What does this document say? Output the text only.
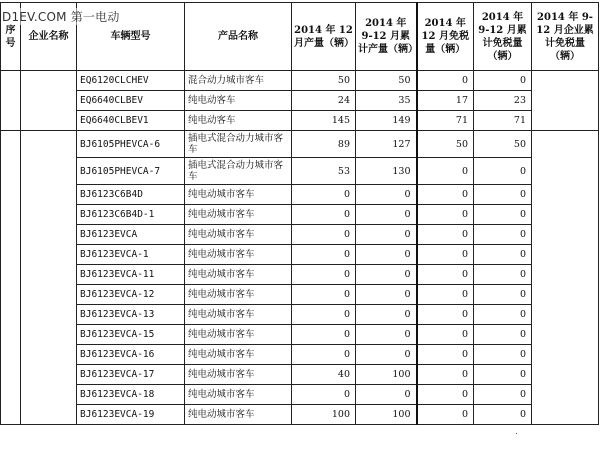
序号	企业名称	车辆型号	产品名称	2014 年 12 月产量（辆）	2014 年 9-12 月累计产量（辆）	2014 年 12 月免税量（辆）	2014 年 9-12 月累计免税量（辆）	2014 年 9-12 月企业累计免税量（辆）
		EQ6120CLCHEV	混合动力城市客车	50	50	0	0	
		EQ6640CLBEV	纯电动客车	24	35	17	23	
		EQ6640CLBEV1	纯电动客车	145	149	71	71	
		BJ6105PHEVCA-6	插电式混合动力城市客车	89	127	50	50	
		BJ6105PHEVCA-7	插电式混合动力城市客车	53	130	0	0	
		BJ6123C6B4D	纯电动城市客车	0	0	0	0	
		BJ6123C6B4D-1	纯电动城市客车	0	0	0	0	
		BJ6123EVCA	纯电动城市客车	0	0	0	0	
		BJ6123EVCA-1	纯电动城市客车	0	0	0	0	
		BJ6123EVCA-11	纯电动城市客车	0	0	0	0	
		BJ6123EVCA-12	纯电动城市客车	0	0	0	0	
		BJ6123EVCA-13	纯电动城市客车	0	0	0	0	
		BJ6123EVCA-15	纯电动城市客车	0	0	0	0	
		BJ6123EVCA-16	纯电动城市客车	0	0	0	0	
		BJ6123EVCA-17	纯电动城市客车	40	100	0	0	
		BJ6123EVCA-18	纯电动城市客车	0	0	0	0	
		BJ6123EVCA-19	纯电动城市客车	100	100	0	0	
D1EV.COM 第一电动
.
